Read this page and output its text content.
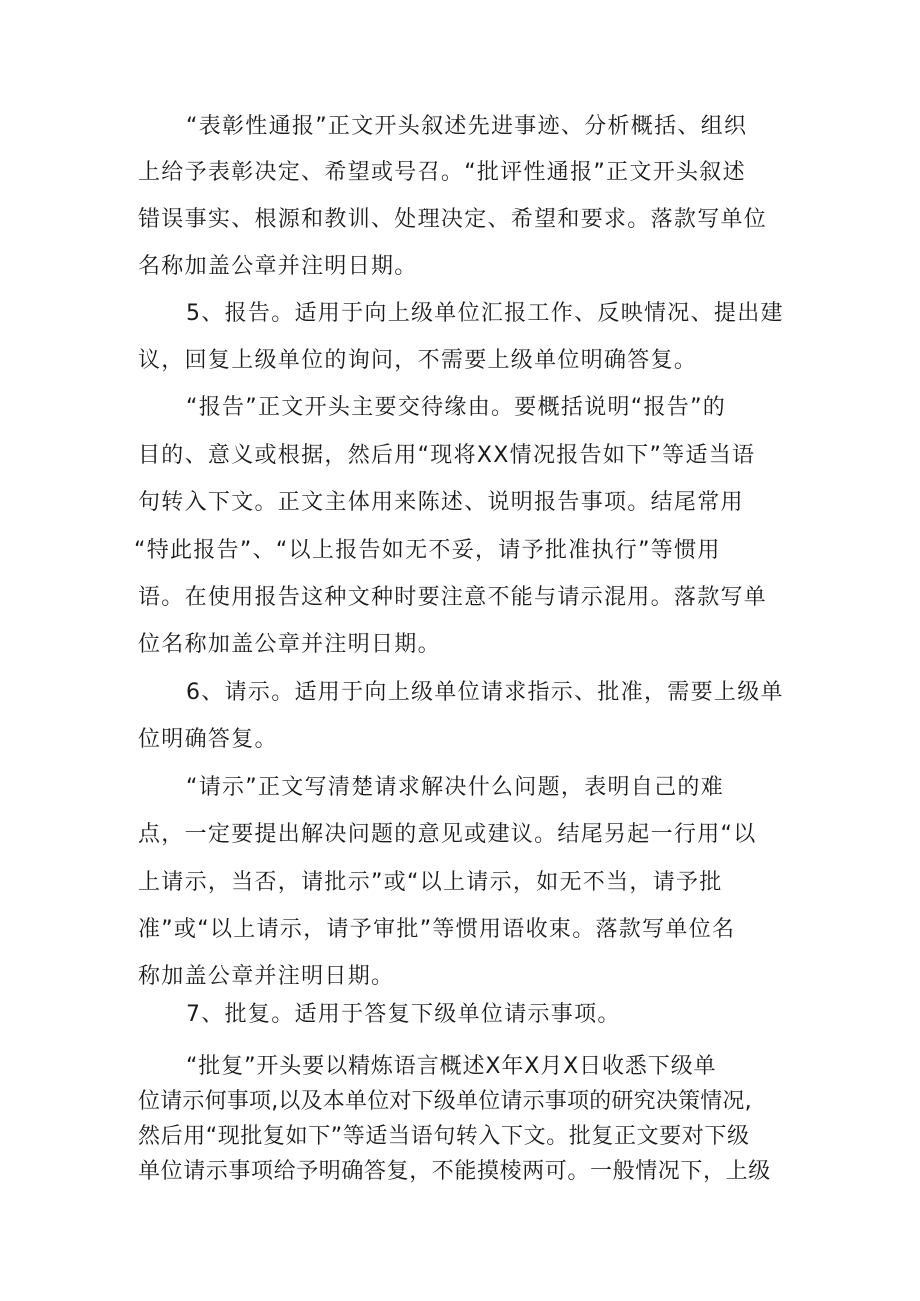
“表彰性通报”正文开头叙述先进事迹、分析概括、组织

上给予表彰决定、希望或号召。“批评性通报”正文开头叙述

错误事实、根源和教训、处理决定、希望和要求。落款写单位

名称加盖公章并注明日期。

5、报告。适用于向上级单位汇报工作、反映情况、提出建

议，回复上级单位的询问，不需要上级单位明确答复。

“报告”正文开头主要交待缘由。要概括说明“报告”的

目的、意义或根据，然后用“现将XX情况报告如下”等适当语

句转入下文。正文主体用来陈述、说明报告事项。结尾常用

“特此报告”、“以上报告如无不妥，请予批准执行”等惯用

语。在使用报告这种文种时要注意不能与请示混用。落款写单

位名称加盖公章并注明日期。

6、请示。适用于向上级单位请求指示、批准，需要上级单

位明确答复。

“请示”正文写清楚请求解决什么问题，表明自己的难

点，一定要提出解决问题的意见或建议。结尾另起一行用“以

上请示，当否，请批示”或“以上请示，如无不当，请予批

准”或“以上请示，请予审批”等惯用语收束。落款写单位名

称加盖公章并注明日期。

7、批复。适用于答复下级单位请示事项。

“批复”开头要以精炼语言概述X年X月X日收悉下级单

位请示何事项,以及本单位对下级单位请示事项的研究决策情况,

然后用“现批复如下”等适当语句转入下文。批复正文要对下级

单位请示事项给予明确答复，不能摸棱两可。一般情况下，上级
